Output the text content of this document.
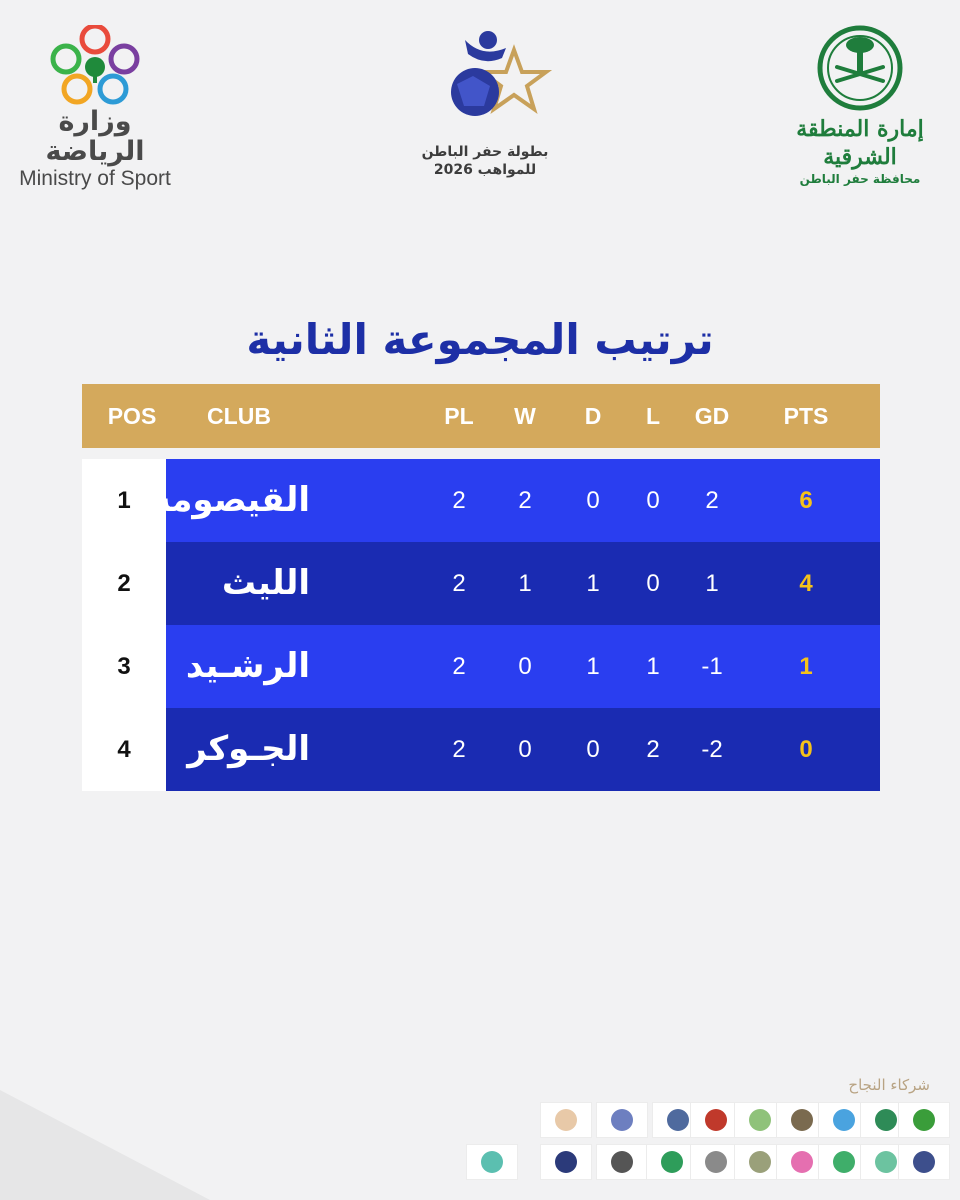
وزارة الرياضة
Ministry of Sport
بطولة حفر الباطن
للمواهب 2026
إمارة المنطقة الشرقية
محافظة حفر الباطن
ترتيب المجموعة الثانية
POS CLUB	PL W D L GD PTS
1 القيصومه	2 2 0 0 2	6
2	الليث	2 1 1 0 1	4
3	الرشـيد	2 0 1 1 -1	1
4	الجـوكر	2 0 0 2 -2	0
شركاء النجاح
